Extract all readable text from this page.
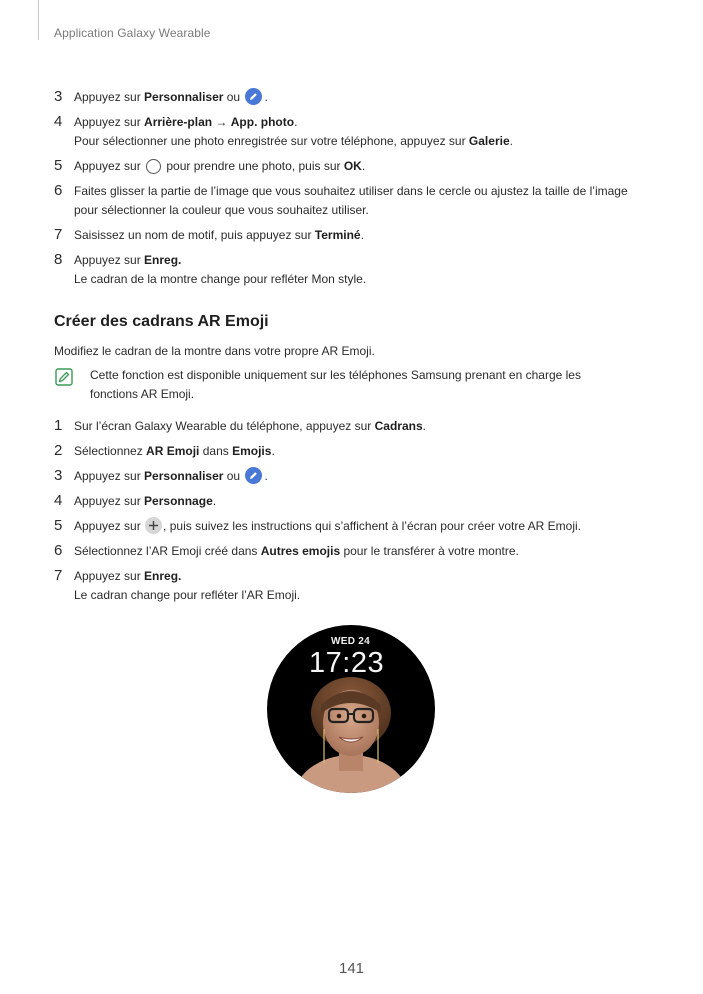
Application Galaxy Wearable
3 Appuyez sur Personnaliser ou
.
4 Appuyez sur Arrière-plan → App. photo.
Pour sélectionner une photo enregistrée sur votre téléphone, appuyez sur Galerie.
5 Appuyez sur  pour prendre une photo, puis sur OK.
6 Faites glisser la partie de l’image que vous souhaitez utiliser dans le cercle ou ajustez la taille de l’image pour sélectionner la couleur que vous souhaitez utiliser.
7 Saisissez un nom de motif, puis appuyez sur Terminé.
8 Appuyez sur Enreg.
Le cadran de la montre change pour refléter Mon style.
Créer des cadrans AR Emoji
Modifiez le cadran de la montre dans votre propre AR Emoji.
Cette fonction est disponible uniquement sur les téléphones Samsung prenant en charge les fonctions AR Emoji.
1 Sur l’écran Galaxy Wearable du téléphone, appuyez sur Cadrans.
2 Sélectionnez AR Emoji dans Emojis.
3 Appuyez sur Personnaliser ou
.
4 Appuyez sur Personnage.
5 Appuyez sur
, puis suivez les instructions qui s’affichent à l’écran pour créer votre AR Emoji.
6 Sélectionnez l’AR Emoji créé dans Autres emojis pour le transférer à votre montre.
7 Appuyez sur Enreg.
Le cadran change pour refléter l’AR Emoji.
WED 24
17:23
141
